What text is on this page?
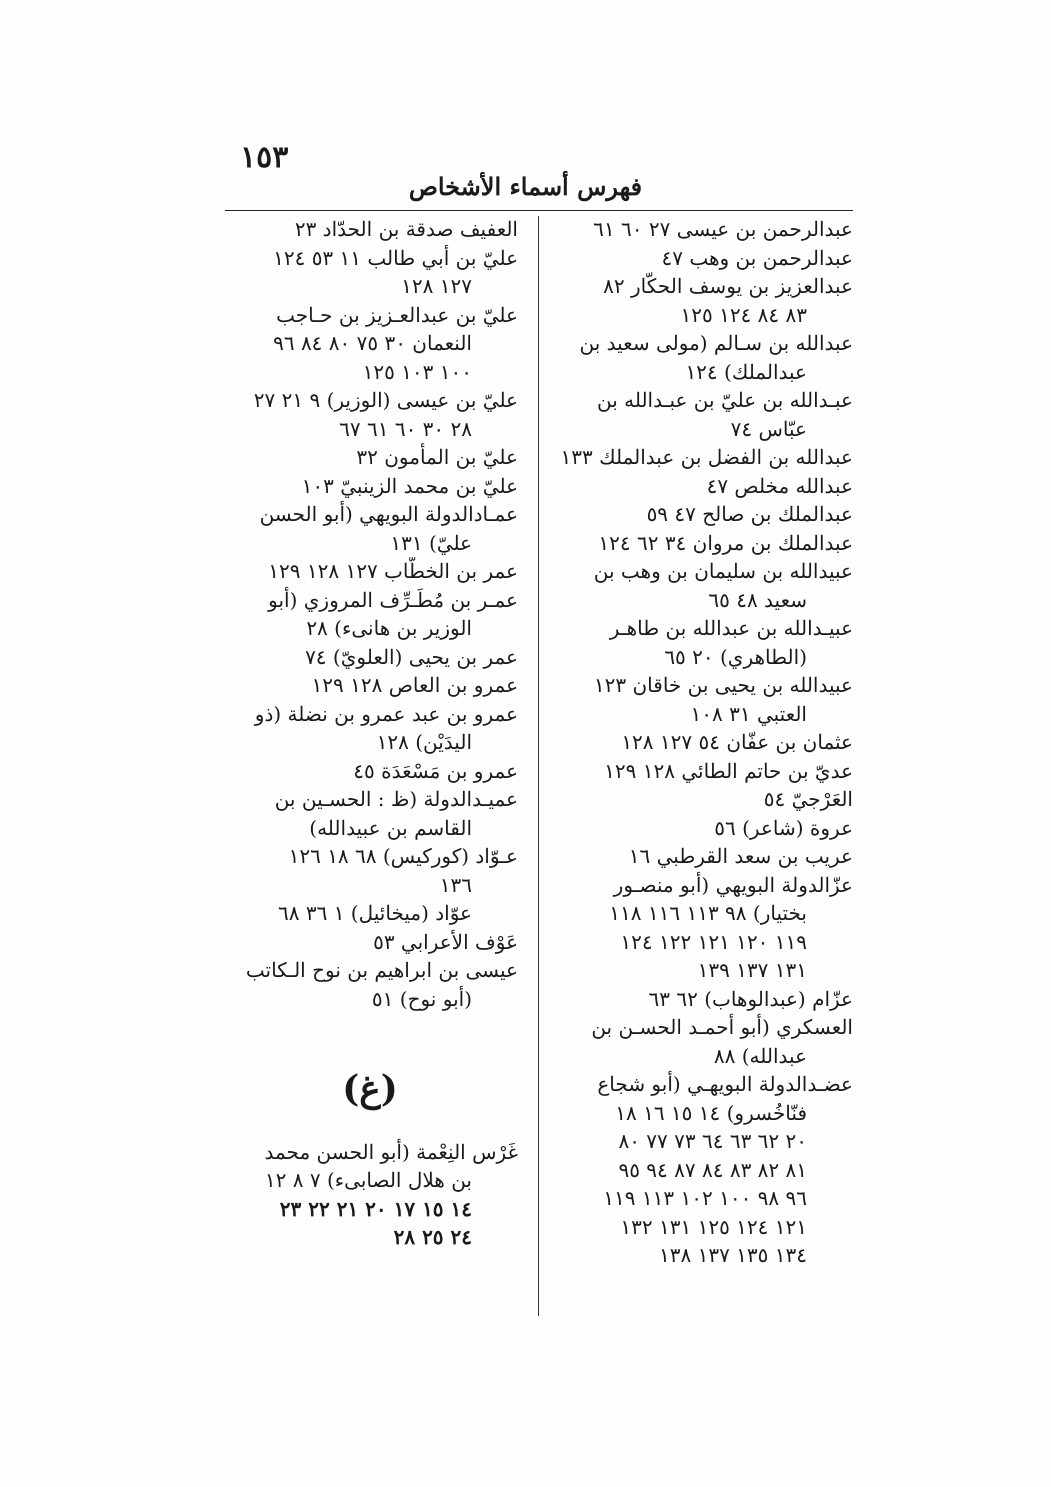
١٥٣
فهرس أسماء الأشخاص
عبدالرحمن بن عيسى ٢٧ ٦٠ ٦١
عبدالرحمن بن وهب ٤٧
عبدالعزيز بن يوسف الحكّار ٨٢
٨٣ ٨٤ ١٢٤ ١٢٥
عبدالله بن سـالم (مولى سعيد بن
عبدالملك) ١٢٤
عبـدالله بن عليّ بن عبـدالله بن
عبّاس ٧٤
عبدالله بن الفضل بن عبدالملك ١٣٣
عبدالله مخلص ٤٧
عبدالملك بن صالح ٤٧ ٥٩
عبدالملك بن مروان ٣٤ ٦٢ ١٢٤
عبيدالله بن سليمان بن وهب بن
سعيد ٤٨ ٦٥
عبيـدالله بن عبدالله بن طاهـر
(الطاهري) ٢٠ ٦٥
عبيدالله بن يحيى بن خاقان ١٢٣
العتبي ٣١ ١٠٨
عثمان بن عفّان ٥٤ ١٢٧ ١٢٨
عديّ بن حاتم الطائي ١٢٨ ١٢٩
العَرْجيّ ٥٤
عروة (شاعر) ٥٦
عريب بن سعد القرطبي ١٦
عزّالدولة البويهي (أبو منصـور
بختيار) ٩٨ ١١٣ ١١٦ ١١٨
١١٩ ١٢٠ ١٢١ ١٢٢ ١٢٤
١٣١ ١٣٧ ١٣٩
عزّام (عبدالوهاب) ٦٢ ٦٣
العسكري (أبو أحمـد الحسـن بن
عبدالله) ٨٨
عضـدالدولة البويهـي (أبو شجاع
فنّاخُسرو) ١٤ ١٥ ١٦ ١٨
٢٠ ٦٢ ٦٣ ٦٤ ٧٣ ٧٧ ٨٠
٨١ ٨٢ ٨٣ ٨٤ ٨٧ ٩٤ ٩٥
٩٦ ٩٨ ١٠٠ ١٠٢ ١١٣ ١١٩
١٢١ ١٢٤ ١٢٥ ١٣١ ١٣٢
١٣٤ ١٣٥ ١٣٧ ١٣٨
العفيف صدقة بن الحدّاد ٢٣
عليّ بن أبي طالب ١١ ٥٣ ١٢٤
١٢٧ ١٢٨
عليّ بن عبدالعـزيز بن حـاجب
النعمان ٣٠ ٧٥ ٨٠ ٨٤ ٩٦
١٠٠ ١٠٣ ١٢٥
عليّ بن عيسى (الوزير) ٩ ٢١ ٢٧
٢٨ ٣٠ ٦٠ ٦١ ٦٧
عليّ بن المأمون ٣٢
عليّ بن محمد الزينبيّ ١٠٣
عمـادالدولة البويهي (أبو الحسن
عليّ) ١٣١
عمر بن الخطّاب ١٢٧ ١٢٨ ١٢٩
عمـر بن مُطَـرِّف المروزي (أبو
الوزير بن هانىء) ٢٨
عمر بن يحيى (العلويّ) ٧٤
عمرو بن العاص ١٢٨ ١٢٩
عمرو بن عبد عمرو بن نضلة (ذو
اليدَيْن) ١٢٨
عمرو بن مَسْعَدَة ٤٥
عميـدالدولة (ظ : الحسـين بن
القاسم بن عبيدالله)
عـوّاد (كوركيس) ٦٨ ١٨ ١٢٦
١٣٦
عوّاد (ميخائيل) ١ ٣٦ ٦٨
عَوْف الأعرابي ٥٣
عيسى بن ابراهيم بن نوح الـكاتب
(أبو نوح) ٥١
(غ)
غَرْس النِعْمة (أبو الحسن محمد
بن هلال الصابىء) ٧ ٨ ١٢
١٤ ١٥ ١٧ ٢٠ ٢١ ٢٢ ٢٣
٢٤ ٢٥ ٢٨
